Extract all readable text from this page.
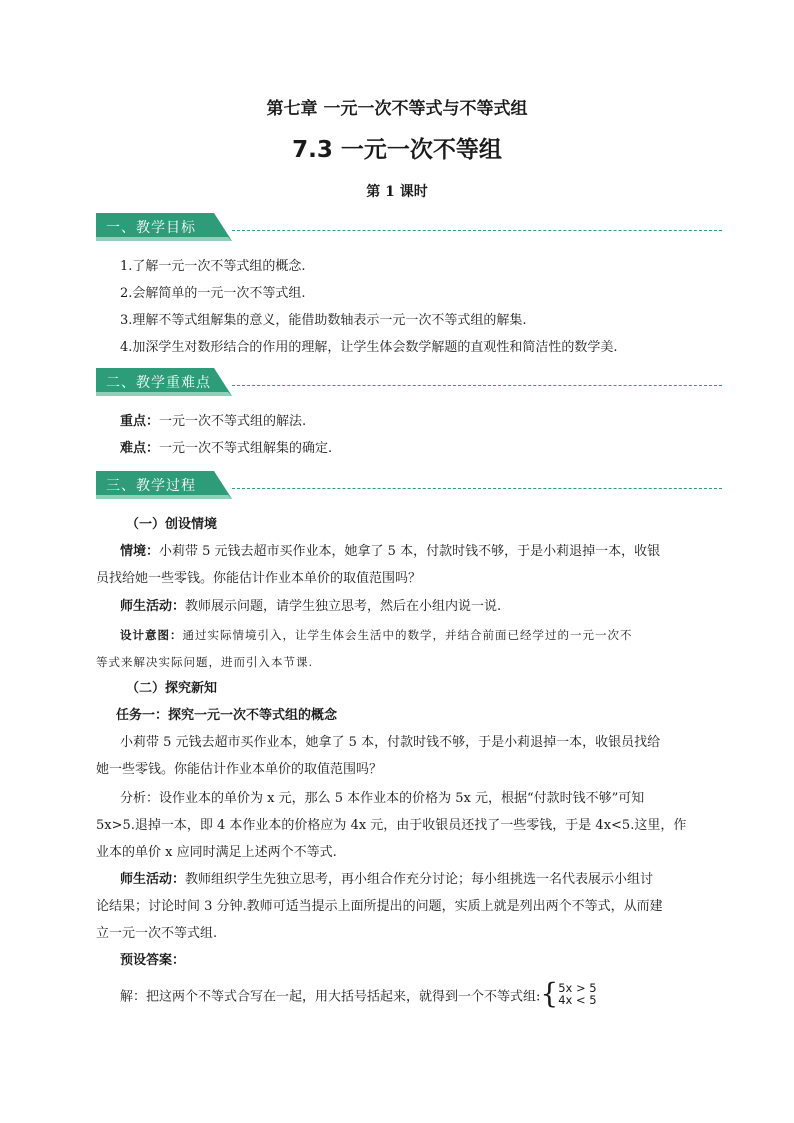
第七章 一元一次不等式与不等式组
7.3 一元一次不等组
第 1 课时
一、教学目标
1.了解一元一次不等式组的概念.
2.会解简单的一元一次不等式组.
3.理解不等式组解集的意义，能借助数轴表示一元一次不等式组的解集.
4.加深学生对数形结合的作用的理解，让学生体会数学解题的直观性和简洁性的数学美.
二、教学重难点
重点：一元一次不等式组的解法.
难点：一元一次不等式组解集的确定.
三、教学过程
（一）创设情境
情境：小莉带 5 元钱去超市买作业本，她拿了 5 本，付款时钱不够，于是小莉退掉一本，收银
员找给她一些零钱。你能估计作业本单价的取值范围吗？
师生活动：教师展示问题，请学生独立思考，然后在小组内说一说.
设计意图：通过实际情境引入，让学生体会生活中的数学，并结合前面已经学过的一元一次不
等式来解决实际问题，进而引入本节课.
（二）探究新知
任务一：探究一元一次不等式组的概念
小莉带 5 元钱去超市买作业本，她拿了 5 本，付款时钱不够，于是小莉退掉一本，收银员找给
她一些零钱。你能估计作业本单价的取值范围吗？
分析：设作业本的单价为 x 元，那么 5 本作业本的价格为 5x 元，根据“付款时钱不够”可知
5x>5.退掉一本，即 4 本作业本的价格应为 4x 元，由于收银员还找了一些零钱，于是 4x<5.这里，作
业本的单价 x 应同时满足上述两个不等式.
师生活动：教师组织学生先独立思考，再小组合作充分讨论；每小组挑选一名代表展示小组讨
论结果；讨论时间 3 分钟.教师可适当提示上面所提出的问题，实质上就是列出两个不等式，从而建
立一元一次不等式组.
预设答案：
解：把这两个不等式合写在一起，用大括号括起来，就得到一个不等式组:{5x > 5
4x < 5
